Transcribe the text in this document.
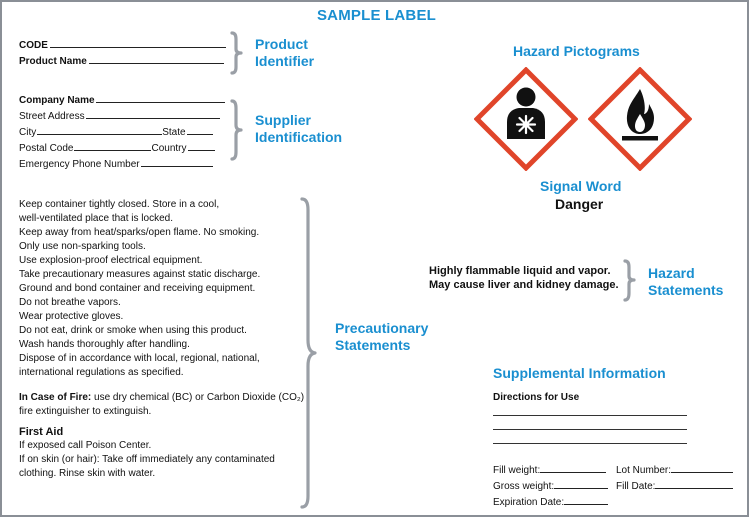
SAMPLE LABEL
CODE
Product Name
Product
Identifier
Company Name
Street Address
City	State
Postal Code	Country
Emergency Phone Number
Supplier
Identification
Hazard Pictograms
Signal Word
Danger

Keep container tightly closed. Store in a cool,

well-ventilated place that is locked.

Keep away from heat/sparks/open flame. No smoking.

Only use non-sparking tools.

Use explosion-proof electrical equipment.

Take precautionary measures against static discharge.

Ground and bond container and receiving equipment.

Do not breathe vapors.

Wear protective gloves.

Do not eat, drink or smoke when using this product.

Wash hands thoroughly after handling.

Dispose of in accordance with local, regional, national,

international regulations as specified.

In Case of Fire: use dry chemical (BC) or Carbon Dioxide (CO₂)

fire extinguisher to extinguish.

First Aid

If exposed call Poison Center.

If on skin (or hair): Take off immediately any contaminated

clothing. Rinse skin with water.

Precautionary
Statements
Highly flammable liquid and vapor.
May cause liver and kidney damage.
Hazard
Statements
Supplemental Information
Directions for Use
Fill weight:
Gross weight:
Expiration Date:
Lot Number:
Fill Date:
